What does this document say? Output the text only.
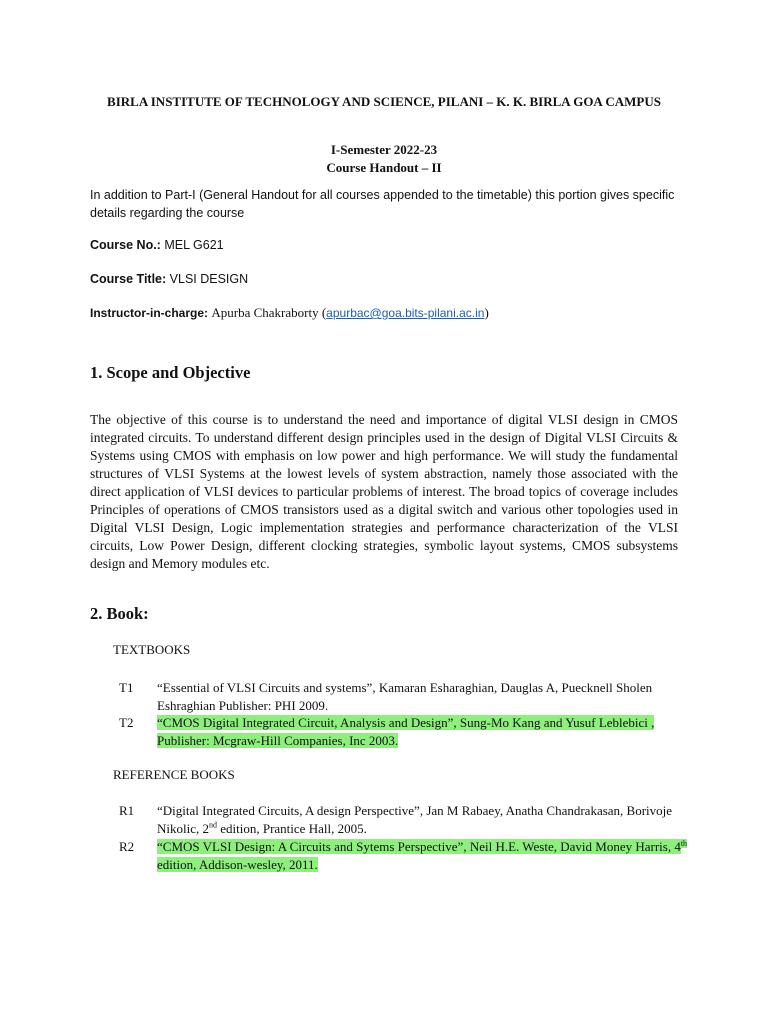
BIRLA INSTITUTE OF TECHNOLOGY AND SCIENCE, PILANI – K. K. BIRLA GOA CAMPUS
I-Semester 2022-23
Course Handout – II
In addition to Part-I (General Handout for all courses appended to the timetable) this portion gives specific details regarding the course
Course No.: MEL G621
Course Title: VLSI DESIGN
Instructor-in-charge: Apurba Chakraborty (apurbac@goa.bits-pilani.ac.in)
1. Scope and Objective
The objective of this course is to understand the need and importance of digital VLSI design in CMOS integrated circuits. To understand different design principles used in the design of Digital VLSI Circuits & Systems using CMOS with emphasis on low power and high performance. We will study the fundamental structures of VLSI Systems at the lowest levels of system abstraction, namely those associated with the direct application of VLSI devices to particular problems of interest. The broad topics of coverage includes Principles of operations of CMOS transistors used as a digital switch and various other topologies used in Digital VLSI Design, Logic implementation strategies and performance characterization of the VLSI circuits, Low Power Design, different clocking strategies, symbolic layout systems, CMOS subsystems design and Memory modules etc.
2. Book:
TEXTBOOKS
T1	“Essential of VLSI Circuits and systems”, Kamaran Esharaghian, Dauglas A, Puecknell Sholen Eshraghian Publisher: PHI 2009.
T2	“CMOS Digital Integrated Circuit, Analysis and Design”, Sung-Mo Kang and Yusuf Leblebici , Publisher: Mcgraw-Hill Companies, Inc 2003.
REFERENCE BOOKS
R1	“Digital Integrated Circuits, A design Perspective”, Jan M Rabaey, Anatha Chandrakasan, Borivoje Nikolic, 2nd edition, Prantice Hall, 2005.
R2	“CMOS VLSI Design: A Circuits and Sytems Perspective”, Neil H.E. Weste, David Money Harris, 4th edition, Addison-wesley, 2011.
